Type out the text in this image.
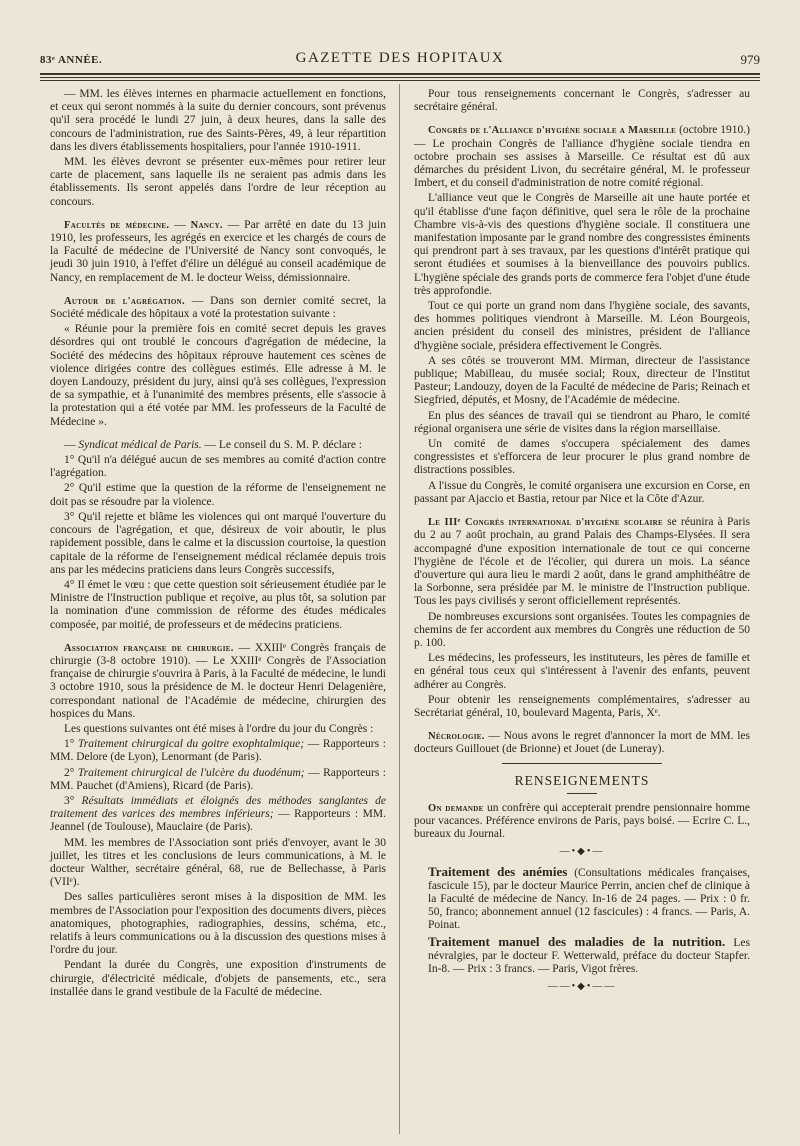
83ᵉ ANNÉE.	GAZETTE DES HOPITAUX	979

— MM. les élèves internes en pharmacie actuellement en fonctions, et ceux qui seront nommés à la suite du dernier concours, sont prévenus qu'il sera procédé le lundi 27 juin, à deux heures, dans la salle des concours de l'administration, rue des Saints-Pères, 49, à leur répartition dans les divers établissements hospitaliers, pour l'année 1910-1911.

MM. les élèves devront se présenter eux-mêmes pour retirer leur carte de placement, sans laquelle ils ne seraient pas admis dans les établissements. Ils seront appelés dans l'ordre de leur réception au concours.

Facultés de médecine. — Nancy. — Par arrêté en date du 13 juin 1910, les professeurs, les agrégés en exercice et les chargés de cours de la Faculté de médecine de l'Université de Nancy sont convoqués, le jeudi 30 juin 1910, à l'effet d'élire un délégué au conseil académique de Nancy, en remplacement de M. le docteur Weiss, démissionnaire.

Autour de l'agrégation. — Dans son dernier comité secret, la Société médicale des hôpitaux a voté la protestation suivante :

« Réunie pour la première fois en comité secret depuis les graves désordres qui ont troublé le concours d'agrégation de médecine, la Société des médecins des hôpitaux réprouve hautement ces scènes de violence dirigées contre des collègues estimés. Elle adresse à M. le doyen Landouzy, président du jury, ainsi qu'à ses collègues, l'expression de sa sympathie, et à l'unanimité des membres présents, elle s'associe à la protestation qui a été votée par MM. les professeurs de la Faculté de Médecine ».

— Syndicat médical de Paris. — Le conseil du S. M. P. déclare :

1° Qu'il n'a délégué aucun de ses membres au comité d'action contre l'agrégation.

2° Qu'il estime que la question de la réforme de l'enseignement ne doit pas se résoudre par la violence.

3° Qu'il rejette et blâme les violences qui ont marqué l'ouverture du concours de l'agrégation, et que, désireux de voir aboutir, le plus rapidement possible, dans le calme et la discussion courtoise, la question capitale de la réforme de l'enseignement médical réclamée depuis trois ans par les médecins praticiens dans leurs Congrès successifs,

4° Il émet le vœu : que cette question soit sérieusement étudiée par le Ministre de l'Instruction publique et reçoive, au plus tôt, sa solution par la nomination d'une commission de réforme des études médicales composée, par moitié, de professeurs et de médecins praticiens.

Association française de chirurgie. — XXIIIᵉ Congrès français de chirurgie (3-8 octobre 1910). — Le XXIIIᵉ Congrès de l'Association française de chirurgie s'ouvrira à Paris, à la Faculté de médecine, le lundi 3 octobre 1910, sous la présidence de M. le docteur Henri Delagenière, correspondant national de l'Académie de médecine, chirurgien des hospices du Mans.

Les questions suivantes ont été mises à l'ordre du jour du Congrès :

1° Traitement chirurgical du goitre exophtalmique; — Rapporteurs : MM. Delore (de Lyon), Lenormant (de Paris).

2° Traitement chirurgical de l'ulcère du duodénum; — Rapporteurs : MM. Pauchet (d'Amiens), Ricard (de Paris).

3° Résultats immédiats et éloignés des méthodes sanglantes de traitement des varices des membres inférieurs; — Rapporteurs : MM. Jeannel (de Toulouse), Mauclaire (de Paris).

MM. les membres de l'Association sont priés d'envoyer, avant le 30 juillet, les titres et les conclusions de leurs communications, à M. le docteur Walther, secrétaire général, 68, rue de Bellechasse, à Paris (VIIᵉ).

Des salles particulières seront mises à la disposition de MM. les membres de l'Association pour l'exposition des documents divers, pièces anatomiques, photographies, radiographies, dessins, schéma, etc., relatifs à leurs communications ou à la discussion des questions mises à l'ordre du jour.

Pendant la durée du Congrès, une exposition d'instruments de chirurgie, d'électricité médicale, d'objets de pansements, etc., sera installée dans le grand vestibule de la Faculté de médecine.

Pour tous renseignements concernant le Congrès, s'adresser au secrétaire général.

Congrès de l'Alliance d'hygiène sociale a Marseille (octobre 1910.) — Le prochain Congrès de l'alliance d'hygiène sociale tiendra en octobre prochain ses assises à Marseille. Ce résultat est dû aux démarches du président Livon, du secrétaire général, M. le professeur Imbert, et du conseil d'administration de notre comité régional.

L'alliance veut que le Congrès de Marseille ait une haute portée et qu'il établisse d'une façon définitive, quel sera le rôle de la prochaine Chambre vis-à-vis des questions d'hygiène sociale. Il constituera une manifestation imposante par le grand nombre des congressistes éminents qui prendront part à ses travaux, par les questions d'intérêt pratique qui seront étudiées et soumises à la bienveillance des pouvoirs publics. L'hygiène spéciale des grands ports de commerce fera l'objet d'une étude très approfondie.

Tout ce qui porte un grand nom dans l'hygiène sociale, des savants, des hommes politiques viendront à Marseille. M. Léon Bourgeois, ancien président du conseil des ministres, président de l'alliance d'hygiène sociale, présidera effectivement le Congrès.

A ses côtés se trouveront MM. Mirman, directeur de l'assistance publique; Mabilleau, du musée social; Roux, directeur de l'Institut Pasteur; Landouzy, doyen de la Faculté de médecine de Paris; Reinach et Siegfried, députés, et Mosny, de l'Académie de médecine.

En plus des séances de travail qui se tiendront au Pharo, le comité régional organisera une série de visites dans la région marseillaise.

Un comité de dames s'occupera spécialement des dames congressistes et s'efforcera de leur procurer le plus grand nombre de distractions possibles.

A l'issue du Congrès, le comité organisera une excursion en Corse, en passant par Ajaccio et Bastia, retour par Nice et la Côte d'Azur.

Le IIIᵉ Congrès international d'hygiène scolaire se réunira à Paris du 2 au 7 août prochain, au grand Palais des Champs-Elysées. Il sera accompagné d'une exposition internationale de tout ce qui concerne l'hygiène de l'école et de l'écolier, qui durera un mois. La séance d'ouverture qui aura lieu le mardi 2 août, dans le grand amphithéâtre de la Sorbonne, sera présidée par M. le ministre de l'Instruction publique. Tous les pays civilisés y seront officiellement représentés.

De nombreuses excursions sont organisées. Toutes les compagnies de chemins de fer accordent aux membres du Congrès une réduction de 50 p. 100.

Les médecins, les professeurs, les instituteurs, les pères de famille et en général tous ceux qui s'intéressent à l'avenir des enfants, peuvent adhérer au Congrès.

Pour obtenir les renseignements complémentaires, s'adresser au Secrétariat général, 10, boulevard Magenta, Paris, Xᵉ.

Nécrologie. — Nous avons le regret d'annoncer la mort de MM. les docteurs Guillouet (de Brionne) et Jouet (de Luneray).

RENSEIGNEMENTS

On demande un confrère qui accepterait prendre pensionnaire homme pour vacances. Préférence environs de Paris, pays boisé. — Ecrire C. L., bureaux du Journal.

—•◆•—

Traitement des anémies (Consultations médicales françaises, fascicule 15), par le docteur Maurice Perrin, ancien chef de clinique à la Faculté de médecine de Nancy. In-16 de 24 pages. — Prix : 0 fr. 50, franco; abonnement annuel (12 fascicules) : 4 francs. — Paris, A. Poinat.

Traitement manuel des maladies de la nutrition. Les névralgies, par le docteur F. Wetterwald, préface du docteur Stapfer. In-8. — Prix : 3 francs. — Paris, Vigot frères.

——•◆•——
